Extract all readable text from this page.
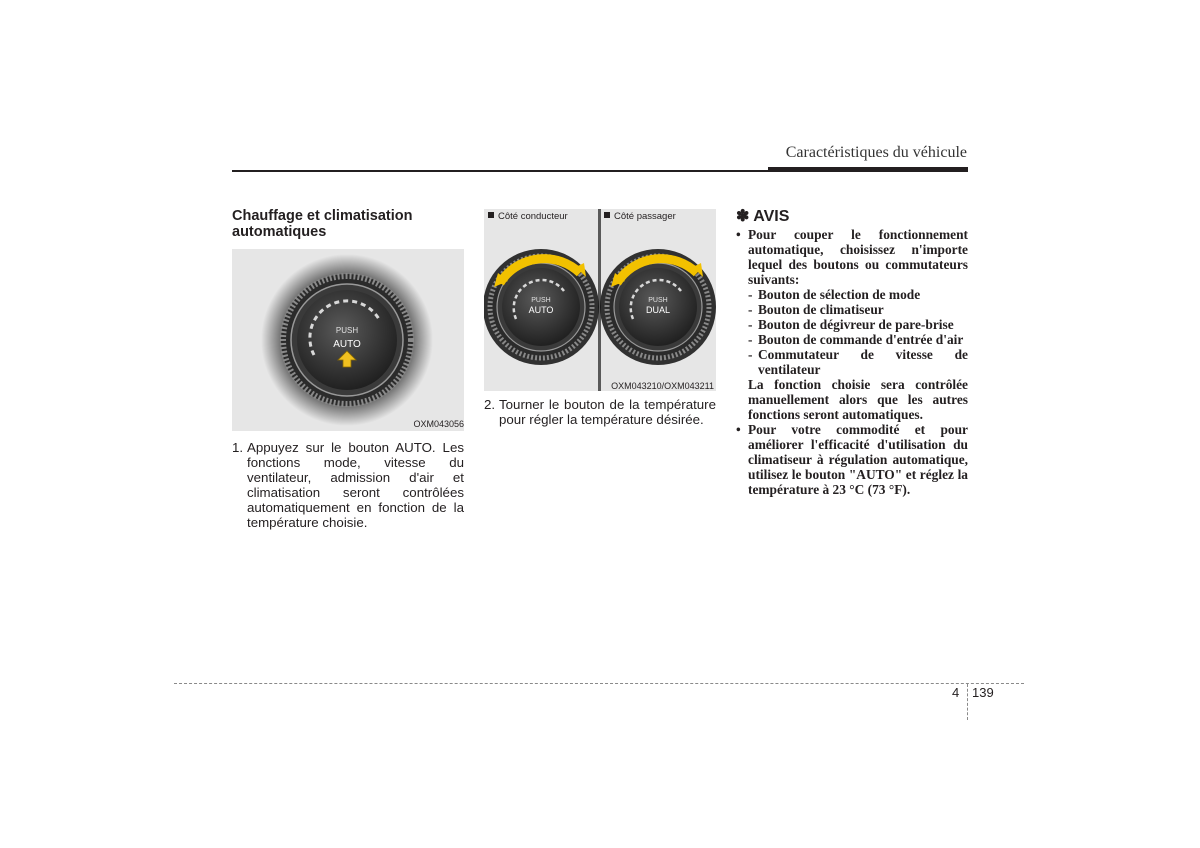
Caractéristiques du véhicule
Chauffage et climatisation automatiques
PUSH
AUTO
OXM043056
1. Appuyez sur le bouton AUTO. Les fonctions mode, vitesse du ventilateur, admission d'air et climatisation seront contrôlées automatiquement en fonction de la température choisie.
Côté conducteur	Côté passager
PUSH
AUTO
PUSH
DUAL
OXM043210/OXM043211
2. Tourner le bouton de la température pour régler la température désirée.
✽ AVIS
• Pour couper le fonctionnement automatique, choisissez n'importe lequel des boutons ou commutateurs suivants:
- Bouton de sélection de mode
- Bouton de climatiseur
- Bouton de dégivreur de pare-brise
- Bouton de commande d'entrée d'air
- Commutateur de vitesse de ventilateur
La fonction choisie sera contrôlée manuellement alors que les autres fonctions seront automatiques.
• Pour votre commodité et pour améliorer l'efficacité d'utilisation du climatiseur à régulation automatique, utilisez le bouton "AUTO" et réglez la température à 23 °C (73 °F).
4 139
